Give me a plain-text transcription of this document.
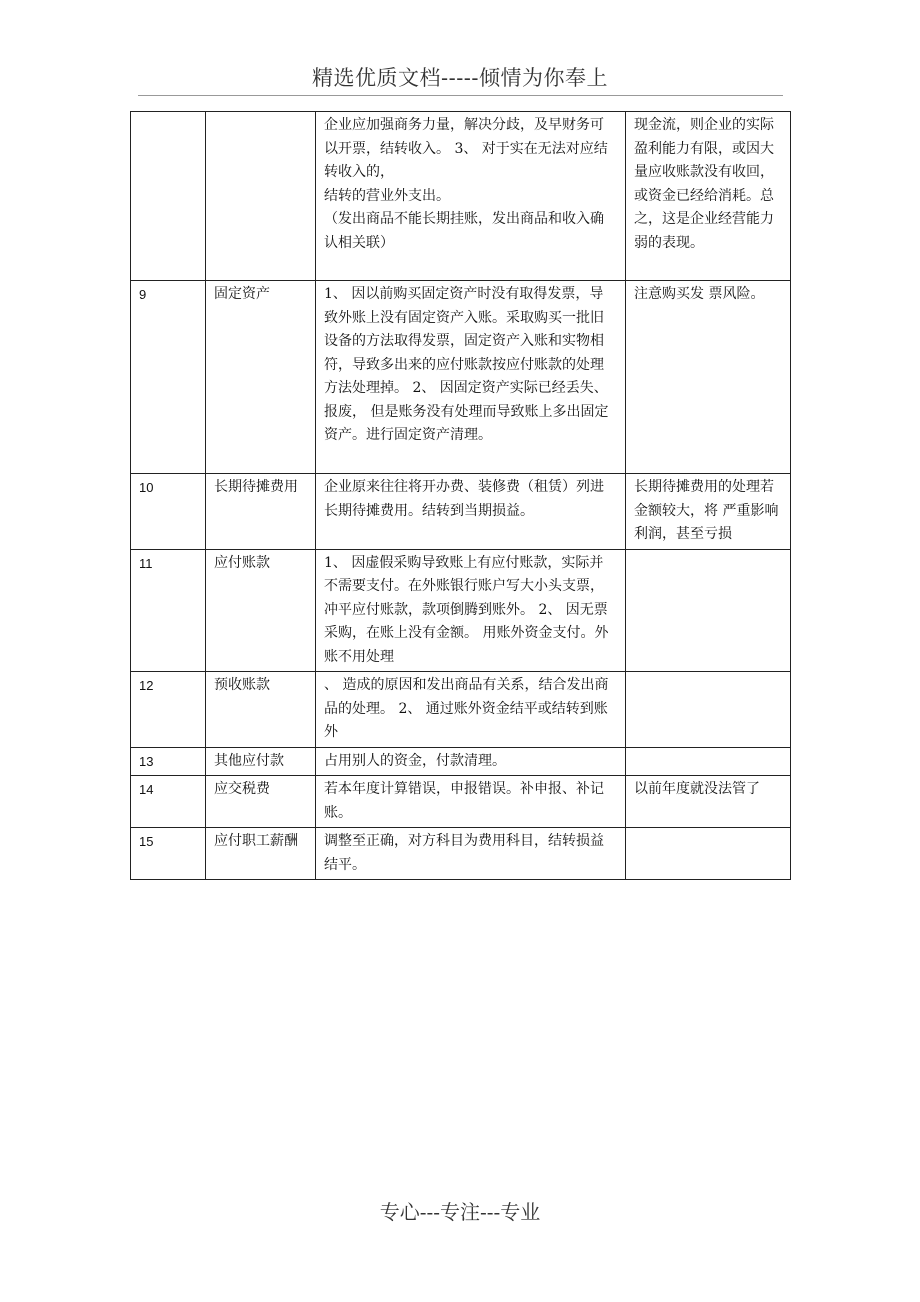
精选优质文档-----倾情为你奉上
		企业应加强商务力量，解决分歧，及早财务可以开票，结转收入。 3、 对于实在无法对应结转收入的，
结转的营业外支出。
（发出商品不能长期挂账，发出商品和收入确认相关联）	现金流，则企业的实际盈利能力有限，或因大量应收账款没有收回，或资金已经给消耗。总之，这是企业经营能力弱的表现。
9	固定资产	1、 因以前购买固定资产时没有取得发票，导致外账上没有固定资产入账。采取购买一批旧设备的方法取得发票，固定资产入账和实物相符，导致多出来的应付账款按应付账款的处理方法处理掉。 2、 因固定资产实际已经丢失、报废， 但是账务没有处理而导致账上多出固定资产。进行固定资产清理。	注意购买发 票风险。
10	长期待摊费用	企业原来往往将开办费、装修费（租赁）列进长期待摊费用。结转到当期损益。	长期待摊费用的处理若金额较大，将 严重影响利润，甚至亏损
11	应付账款	1、 因虚假采购导致账上有应付账款，实际并不需要支付。在外账银行账户写大小头支票，冲平应付账款，款项倒腾到账外。 2、 因无票采购，在账上没有金额。 用账外资金支付。外账不用处理	
12	预收账款	、 造成的原因和发出商品有关系，结合发出商品的处理。 2、 通过账外资金结平或结转到账 外	
13	其他应付款	占用别人的资金，付款清理。	
14	应交税费	若本年度计算错误，申报错误。补申报、补记账。	以前年度就没法管了
15	应付职工薪酬	调整至正确，对方科目为费用科目，结转损益结平。	
专心---专注---专业
